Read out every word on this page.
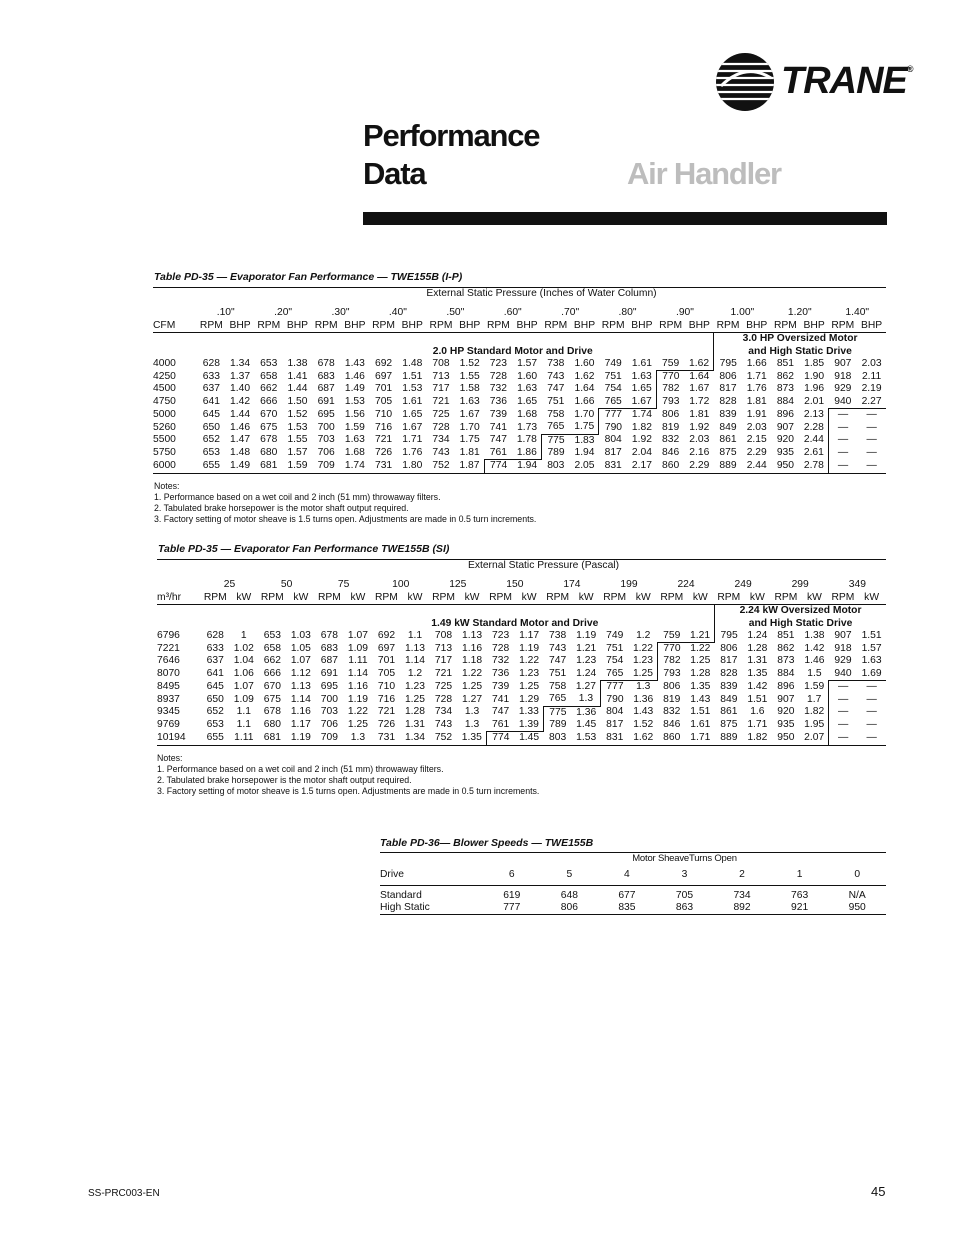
TRANE®
Performance
Data	Air Handler
Table PD-35 — Evaporator Fan Performance — TWE155B (I-P)
	External Static Pressure (Inches of Water Column)																							

	.10"		.20"		.30"		.40"		.50"		.60"		.70"		.80"		.90"		1.00"		1.20"		1.40"	
CFM	RPM	BHP	RPM	BHP	RPM	BHP	RPM	BHP	RPM	BHP	RPM	BHP	RPM	BHP	RPM	BHP	RPM	BHP	RPM	BHP	RPM	BHP	RPM	BHP
																			3.0 HP Oversized Motor					
							2.0 HP Standard Motor and Drive												and High Static Drive					
4000	628	1.34	653	1.38	678	1.43	692	1.48	708	1.52	723	1.57	738	1.60	749	1.61	759	1.62	795	1.66	851	1.85	907	2.03
4250	633	1.37	658	1.41	683	1.46	697	1.51	713	1.55	728	1.60	743	1.62	751	1.63	770	1.64	806	1.71	862	1.90	918	2.11
4500	637	1.40	662	1.44	687	1.49	701	1.53	717	1.58	732	1.63	747	1.64	754	1.65	782	1.67	817	1.76	873	1.96	929	2.19
4750	641	1.42	666	1.50	691	1.53	705	1.61	721	1.63	736	1.65	751	1.66	765	1.67	793	1.72	828	1.81	884	2.01	940	2.27
5000	645	1.44	670	1.52	695	1.56	710	1.65	725	1.67	739	1.68	758	1.70	777	1.74	806	1.81	839	1.91	896	2.13	—	—
5260	650	1.46	675	1.53	700	1.59	716	1.67	728	1.70	741	1.73	765	1.75	790	1.82	819	1.92	849	2.03	907	2.28	—	—
5500	652	1.47	678	1.55	703	1.63	721	1.71	734	1.75	747	1.78	775	1.83	804	1.92	832	2.03	861	2.15	920	2.44	—	—
5750	653	1.48	680	1.57	706	1.68	726	1.76	743	1.81	761	1.86	789	1.94	817	2.04	846	2.16	875	2.29	935	2.61	—	—
6000	655	1.49	681	1.59	709	1.74	731	1.80	752	1.87	774	1.94	803	2.05	831	2.17	860	2.29	889	2.44	950	2.78	—	—
Notes:
1. Performance based on a wet coil and 2 inch (51 mm) throwaway filters.
2. Tabulated brake horsepower is the motor shaft output required.
3. Factory setting of motor sheave is 1.5 turns open. Adjustments are made in 0.5 turn increments.
Table PD-35 — Evaporator Fan Performance TWE155B (SI)
	External Static Pressure (Pascal)																							

	25		50		75		100		125		150		174		199		224		249		299		349	
m³/hr	RPM	kW	RPM	kW	RPM	kW	RPM	kW	RPM	kW	RPM	kW	RPM	kW	RPM	kW	RPM	kW	RPM	kW	RPM	kW	RPM	kW
																			2.24 kW Oversized Motor					
							1.49 kW Standard Motor and Drive												and High Static Drive					
6796	628	1	653	1.03	678	1.07	692	1.1	708	1.13	723	1.17	738	1.19	749	1.2	759	1.21	795	1.24	851	1.38	907	1.51
7221	633	1.02	658	1.05	683	1.09	697	1.13	713	1.16	728	1.19	743	1.21	751	1.22	770	1.22	806	1.28	862	1.42	918	1.57
7646	637	1.04	662	1.07	687	1.11	701	1.14	717	1.18	732	1.22	747	1.23	754	1.23	782	1.25	817	1.31	873	1.46	929	1.63
8070	641	1.06	666	1.12	691	1.14	705	1.2	721	1.22	736	1.23	751	1.24	765	1.25	793	1.28	828	1.35	884	1.5	940	1.69
8495	645	1.07	670	1.13	695	1.16	710	1.23	725	1.25	739	1.25	758	1.27	777	1.3	806	1.35	839	1.42	896	1.59	—	—
8937	650	1.09	675	1.14	700	1.19	716	1.25	728	1.27	741	1.29	765	1.3	790	1.36	819	1.43	849	1.51	907	1.7	—	—
9345	652	1.1	678	1.16	703	1.22	721	1.28	734	1.3	747	1.33	775	1.36	804	1.43	832	1.51	861	1.6	920	1.82	—	—
9769	653	1.1	680	1.17	706	1.25	726	1.31	743	1.3	761	1.39	789	1.45	817	1.52	846	1.61	875	1.71	935	1.95	—	—
10194	655	1.11	681	1.19	709	1.3	731	1.34	752	1.35	774	1.45	803	1.53	831	1.62	860	1.71	889	1.82	950	2.07	—	—
Notes:
1. Performance based on a wet coil and 2 inch (51 mm) throwaway filters.
2. Tabulated brake horsepower is the motor shaft output required.
3. Factory setting of motor sheave is 1.5 turns open. Adjustments are made in 0.5 turn increments.
Table PD-36— Blower Speeds — TWE155B
	Motor SheaveTurns Open						
Drive	6	5	4	3	2	1	0
Standard	619	648	677	705	734	763	N/A
High Static	777	806	835	863	892	921	950
SS-PRC003-EN	45
